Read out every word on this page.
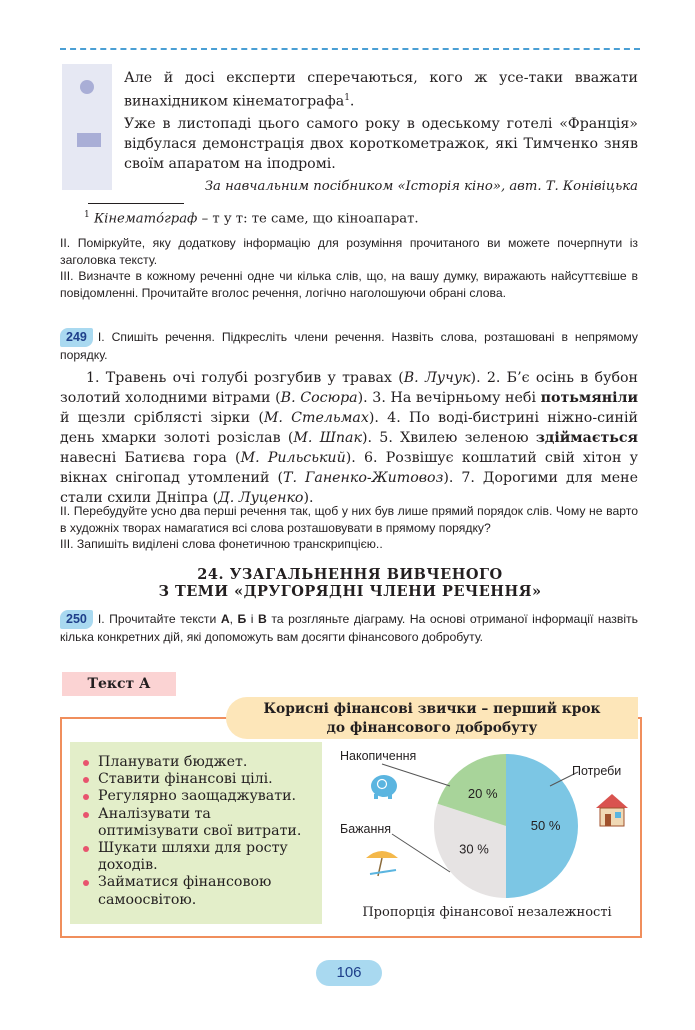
Але й досі експерти сперечаються, кого ж усе-таки вважати винахідником кінематографа$^1$.
Уже в листопаді цього самого року в одеському готелі «Франція» відбулася демонстрація двох короткометражок, які Тимченко зняв своїм апаратом на іподромі.
За навчальним посібником «Історія кіно», авт. Т. Конівіцька
$^1$ Кінемато́граф – т у т: те саме, що кіноапарат.
II. Поміркуйте, яку додаткову інформацію для розуміння прочитаного ви можете почерпнути із заголовка тексту.
III. Визначте в кожному реченні одне чи кілька слів, що, на вашу думку, виражають найсуттєвіше в повідомленні. Прочитайте вголос речення, логічно наголошуючи обрані слова.
249 I. Спишіть речення. Підкресліть члени речення. Назвіть слова, розташовані в непрямому порядку.
1. Травень очі голубі розгубив у травах (В. Лучук). 2. Б’є осінь в бубон золотий холодними вітрами (В. Сосюра). 3. На вечірньому небі потьмяніли й щезли сріблясті зірки (М. Стельмах). 4. По воді-бистрині ніжно-синій день хмарки золоті розіслав (М. Шпак). 5. Хвилею зеленою здіймається навесні Батиєва гора (М. Рильський). 6. Розвішує кошлатий свій хітон у вікнах снігопад утомлений (Т. Ганенко-Житовоз). 7. Дорогими для мене стали схили Дніпра (Д. Луценко).
II. Перебудуйте усно два перші речення так, щоб у них був лише прямий порядок слів. Чому не варто в художніх творах намагатися всі слова розташовувати в прямому порядку?
III. Запишіть виділені слова фонетичною транскрипцією..
24. УЗАГАЛЬНЕННЯ ВИВЧЕНОГО
З ТЕМИ «ДРУГОРЯДНІ ЧЛЕНИ РЕЧЕННЯ»
250 I. Прочитайте тексти А, Б і В та розгляньте діаграму. На основі отриманої інформації назвіть кілька конкретних дій, які допоможуть вам досягти фінансового добробуту.
Текст А
Корисні фінансові звички – перший крок
до фінансового добробуту
Планувати бюджет.
Ставити фінансові цілі.
Регулярно заощаджувати.
Аналізувати та оптимізувати свої витрати.
Шукати шляхи для росту доходів.
Займатися фінансовою самоосвітою.
50 %
30 %
20 %
Накопичення
Потреби
Бажання
Пропорція фінансової незалежності
106
